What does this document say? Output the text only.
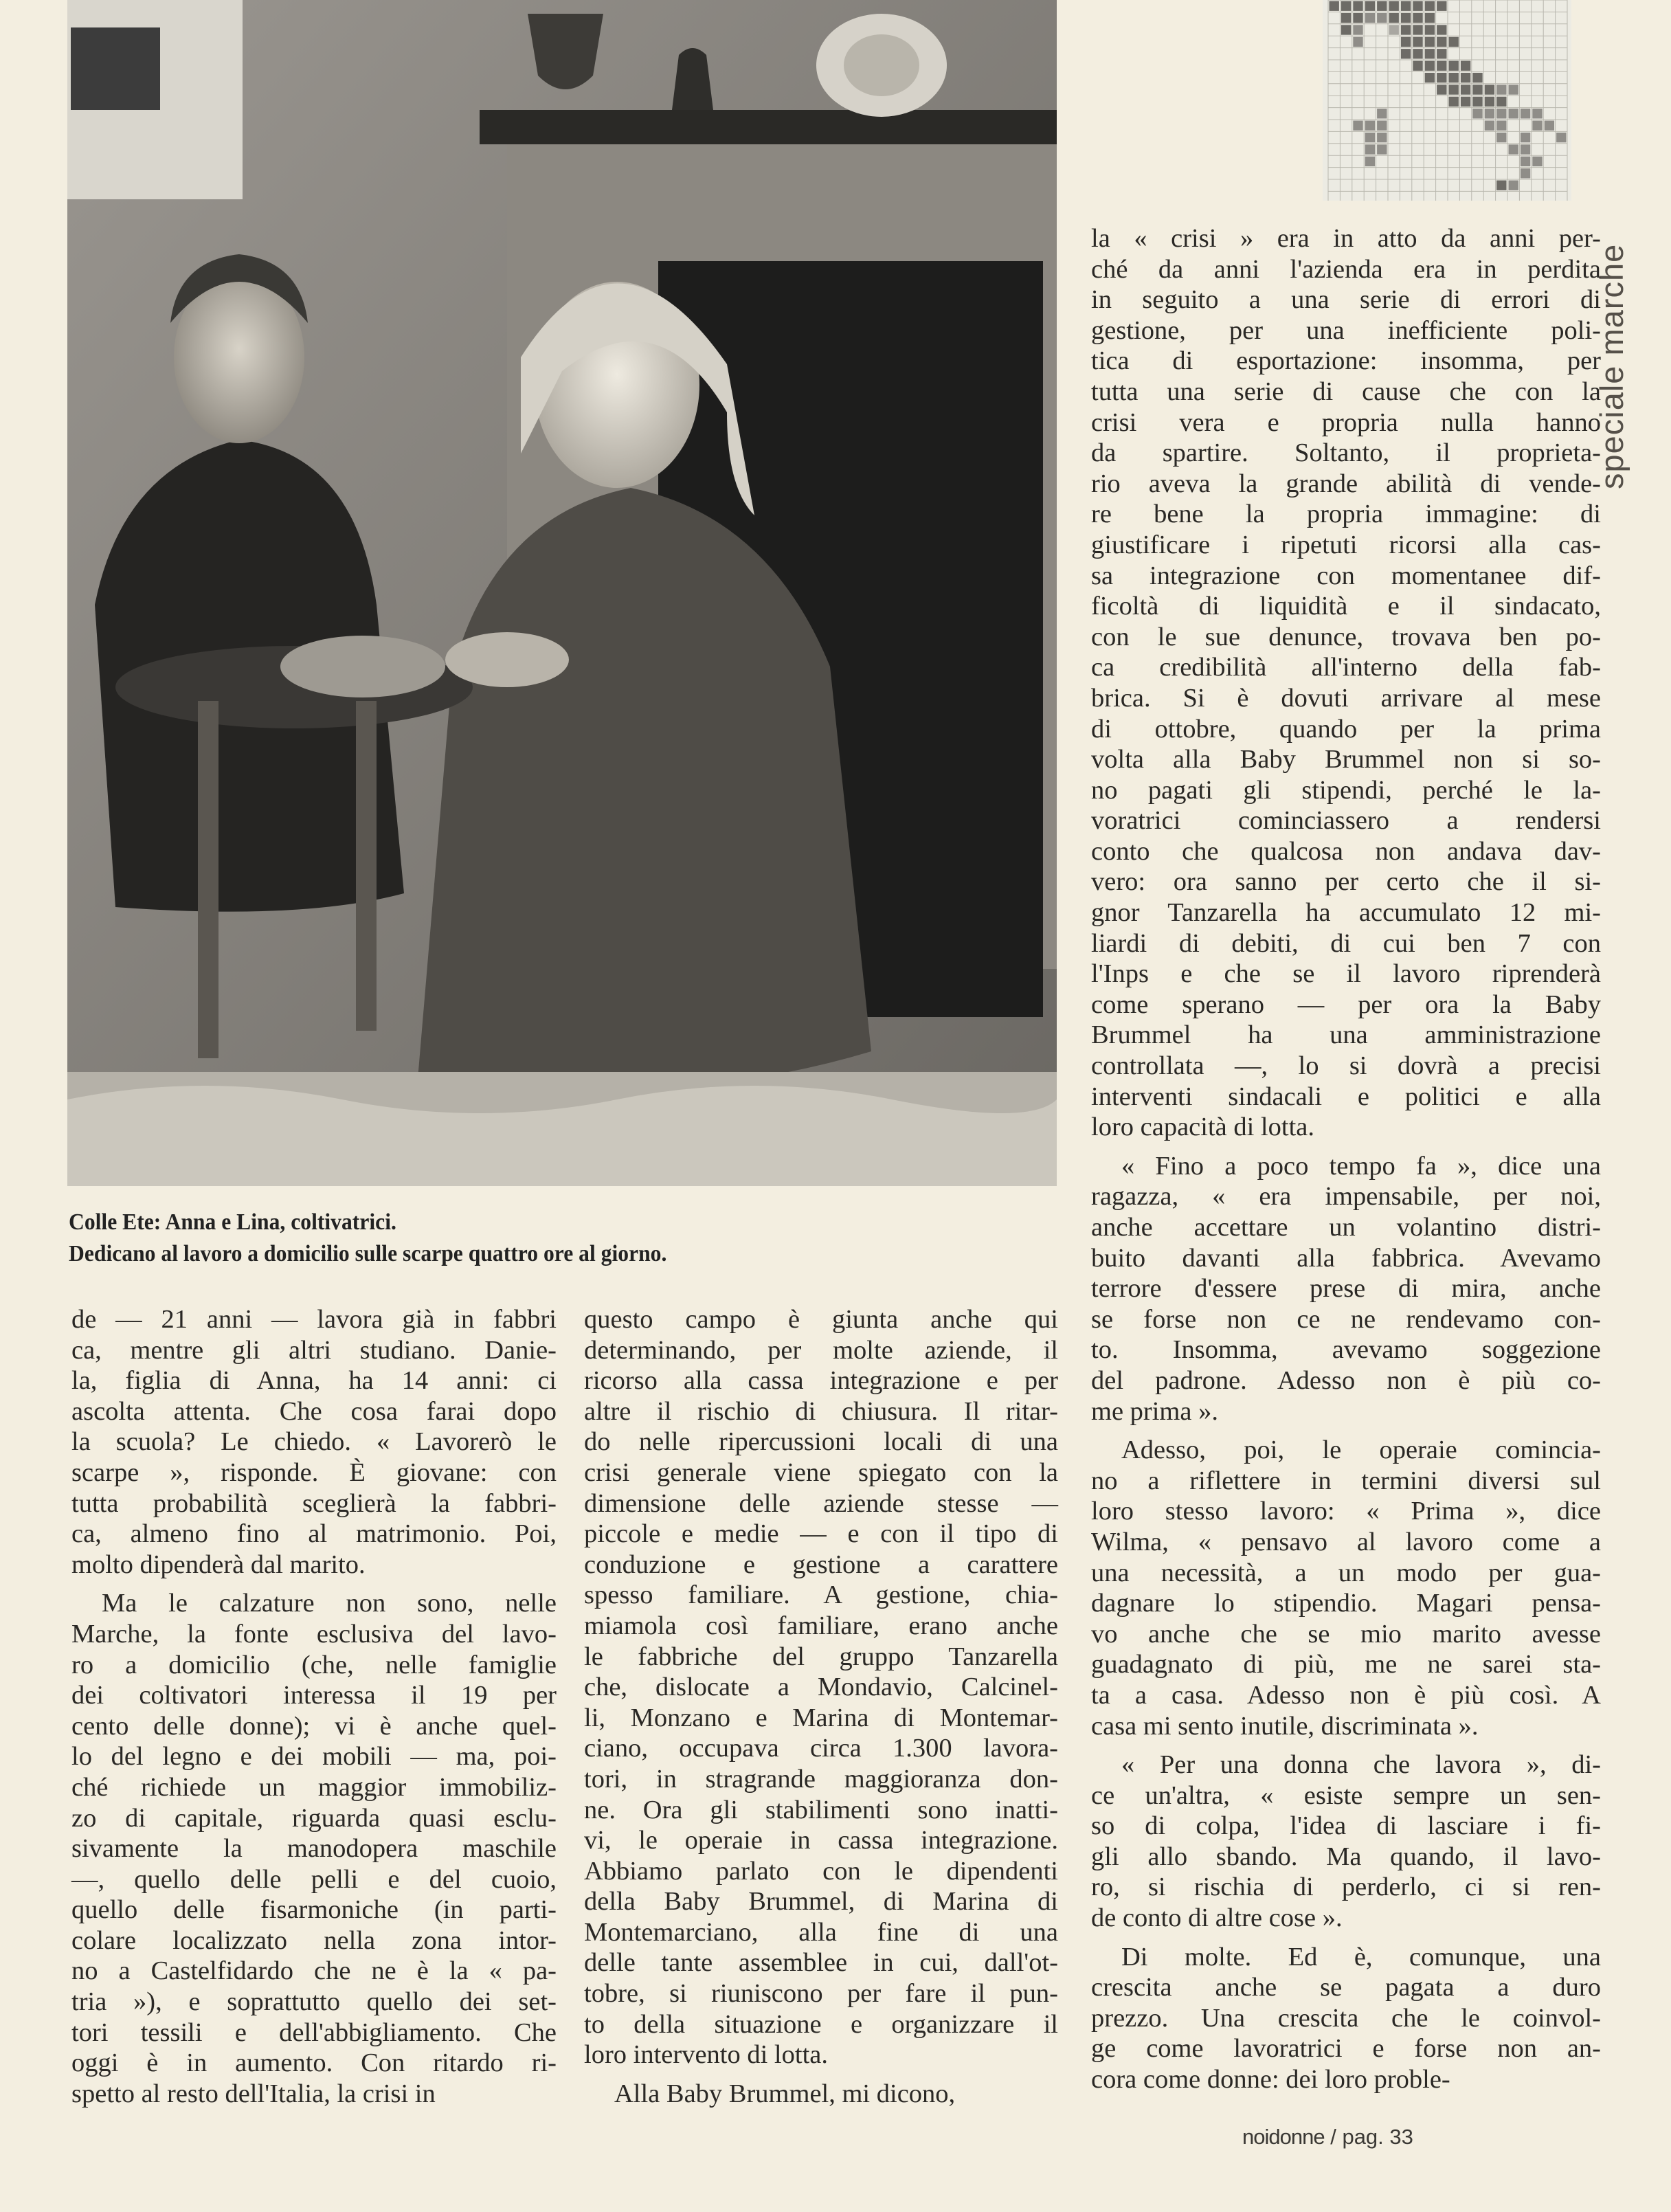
speciale marche
Colle Ete: Anna e Lina, coltivatrici.
Dedicano al lavoro a domicilio sulle scarpe quattro ore al giorno.
la « crisi » era in atto da anni per-
ché da anni l'azienda era in perdita
in seguito a una serie di errori di
gestione, per una inefficiente poli-
tica di esportazione: insomma, per
tutta una serie di cause che con la
crisi vera e propria nulla hanno
da spartire. Soltanto, il proprieta-
rio aveva la grande abilità di vende-
re bene la propria immagine: di
giustificare i ripetuti ricorsi alla cas-
sa integrazione con momentanee dif-
ficoltà di liquidità e il sindacato,
con le sue denunce, trovava ben po-
ca credibilità all'interno della fab-
brica. Si è dovuti arrivare al mese
di ottobre, quando per la prima
volta alla Baby Brummel non si so-
no pagati gli stipendi, perché le la-
voratrici cominciassero a rendersi
conto che qualcosa non andava dav-
vero: ora sanno per certo che il si-
gnor Tanzarella ha accumulato 12 mi-
liardi di debiti, di cui ben 7 con
l'Inps e che se il lavoro riprenderà
come sperano — per ora la Baby
Brummel ha una amministrazione
controllata —, lo si dovrà a precisi
interventi sindacali e politici e alla
loro capacità di lotta.
« Fino a poco tempo fa », dice una
ragazza, « era impensabile, per noi,
anche accettare un volantino distri-
buito davanti alla fabbrica. Avevamo
terrore d'essere prese di mira, anche
se forse non ce ne rendevamo con-
to. Insomma, avevamo soggezione
del padrone. Adesso non è più co-
me prima ».
Adesso, poi, le operaie comincia-
no a riflettere in termini diversi sul
loro stesso lavoro: « Prima », dice
Wilma, « pensavo al lavoro come a
una necessità, a un modo per gua-
dagnare lo stipendio. Magari pensa-
vo anche che se mio marito avesse
guadagnato di più, me ne sarei sta-
ta a casa. Adesso non è più così. A
casa mi sento inutile, discriminata ».
« Per una donna che lavora », di-
ce un'altra, « esiste sempre un sen-
so di colpa, l'idea di lasciare i fi-
gli allo sbando. Ma quando, il lavo-
ro, si rischia di perderlo, ci si ren-
de conto di altre cose ».
Di molte. Ed è, comunque, una
crescita anche se pagata a duro
prezzo. Una crescita che le coinvol-
ge come lavoratrici e forse non an-
cora come donne: dei loro proble-
de — 21 anni — lavora già in fabbri
ca, mentre gli altri studiano. Danie-
la, figlia di Anna, ha 14 anni: ci
ascolta attenta. Che cosa farai dopo
la scuola? Le chiedo. « Lavorerò le
scarpe », risponde. È giovane: con
tutta probabilità sceglierà la fabbri-
ca, almeno fino al matrimonio. Poi,
molto dipenderà dal marito.
Ma le calzature non sono, nelle
Marche, la fonte esclusiva del lavo-
ro a domicilio (che, nelle famiglie
dei coltivatori interessa il 19 per
cento delle donne); vi è anche quel-
lo del legno e dei mobili — ma, poi-
ché richiede un maggior immobiliz-
zo di capitale, riguarda quasi esclu-
sivamente la manodopera maschile
—, quello delle pelli e del cuoio,
quello delle fisarmoniche (in parti-
colare localizzato nella zona intor-
no a Castelfidardo che ne è la « pa-
tria »), e soprattutto quello dei set-
tori tessili e dell'abbigliamento. Che
oggi è in aumento. Con ritardo ri-
spetto al resto dell'Italia, la crisi in
questo campo è giunta anche qui
determinando, per molte aziende, il
ricorso alla cassa integrazione e per
altre il rischio di chiusura. Il ritar-
do nelle ripercussioni locali di una
crisi generale viene spiegato con la
dimensione delle aziende stesse —
piccole e medie — e con il tipo di
conduzione e gestione a carattere
spesso familiare. A gestione, chia-
miamola così familiare, erano anche
le fabbriche del gruppo Tanzarella
che, dislocate a Mondavio, Calcinel-
li, Monzano e Marina di Montemar-
ciano, occupava circa 1.300 lavora-
tori, in stragrande maggioranza don-
ne. Ora gli stabilimenti sono inatti-
vi, le operaie in cassa integrazione.
Abbiamo parlato con le dipendenti
della Baby Brummel, di Marina di
Montemarciano, alla fine di una
delle tante assemblee in cui, dall'ot-
tobre, si riuniscono per fare il pun-
to della situazione e organizzare il
loro intervento di lotta.
Alla Baby Brummel, mi dicono,
noidonne / pag. 33
